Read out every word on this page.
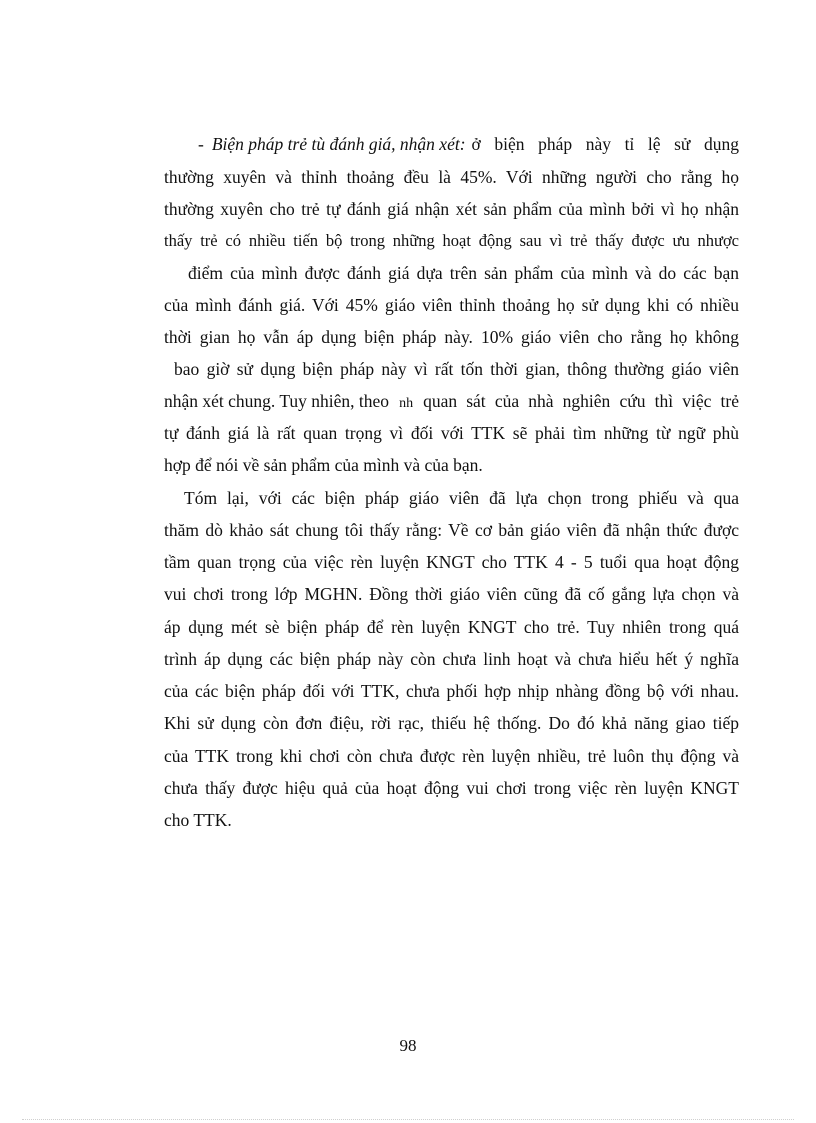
- Biện pháp trẻ tù đánh giá, nhận xét: ở biện pháp này tỉ lệ sử dụng
thường xuyên và thỉnh thoảng đều là 45%. Với những người cho rằng họ
thường xuyên cho trẻ tự đánh giá nhận xét sản phẩm của mình bởi vì họ nhận
thấy trẻ có nhiều tiến bộ trong những hoạt động sau vì trẻ thấy được ưu nhược
điểm của mình được đánh giá dựa trên sản phẩm của mình và do các bạn
của mình đánh giá. Với 45% giáo viên thỉnh thoảng họ sử dụng khi có nhiều
thời gian họ vẫn áp dụng biện pháp này. 10% giáo viên cho rằng họ không
bao giờ sử dụng biện pháp này vì rất tốn thời gian, thông thường giáo viên
nhận xét chung. Tuy nhiên, theo nh quan sát của nhà nghiên cứu thì việc trẻ
tự đánh giá là rất quan trọng vì đối với TTK sẽ phải tìm những từ ngữ phù
hợp để nói về sản phẩm của mình và của bạn.
Tóm lại, với các biện pháp giáo viên đã lựa chọn trong phiếu và qua
thăm dò khảo sát chung tôi thấy rằng: Về cơ bản giáo viên đã nhận thức được
tầm quan trọng của việc rèn luyện KNGT cho TTK 4 - 5 tuổi qua hoạt động
vui chơi trong lớp MGHN. Đồng thời giáo viên cũng đã cố gắng lựa chọn và
áp dụng mét sè biện pháp để rèn luyện KNGT cho trẻ. Tuy nhiên trong quá
trình áp dụng các biện pháp này còn chưa linh hoạt và chưa hiểu hết ý nghĩa
của các biện pháp đối với TTK, chưa phối hợp nhịp nhàng đồng bộ với nhau.
Khi sử dụng còn đơn điệu, rời rạc, thiếu hệ thống. Do đó khả năng giao tiếp
của TTK trong khi chơi còn chưa được rèn luyện nhiều, trẻ luôn thụ động và
chưa thấy được hiệu quả của hoạt động vui chơi trong việc rèn luyện KNGT
cho TTK.
98
